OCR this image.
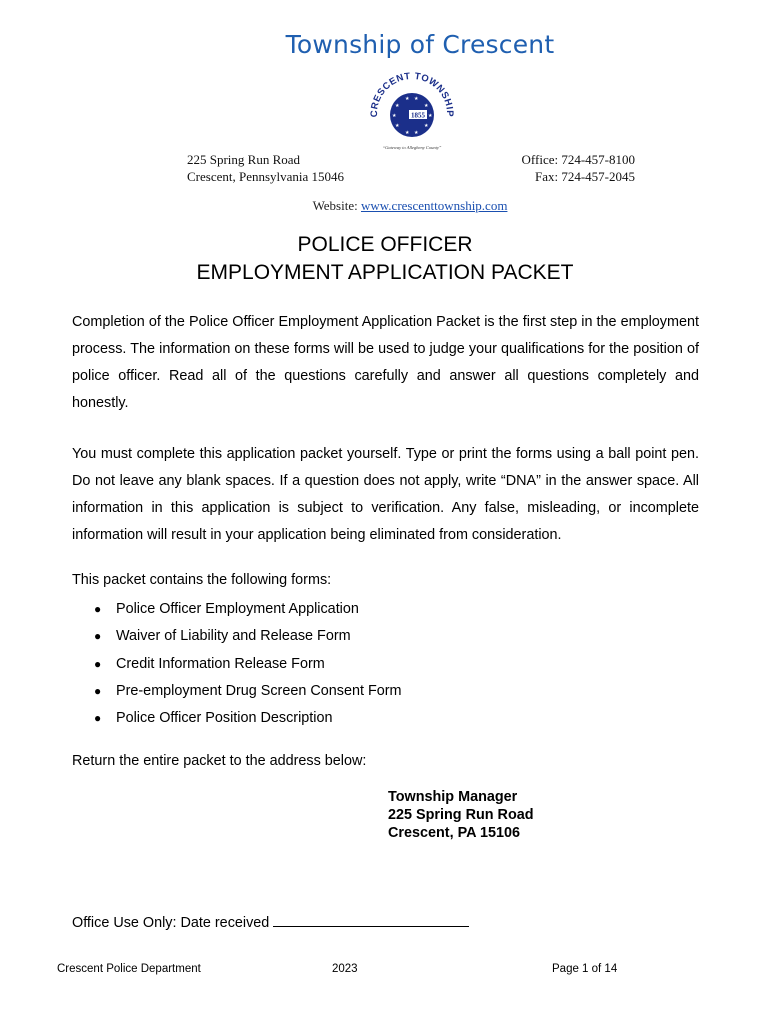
Township of Crescent
CRESCENT TOWNSHIP
★ ★
★	★
★	★
★	★
★ ★
1855
“Gateway to Allegheny County”
225 Spring Run Road
Crescent, Pennsylvania 15046
Office: 724-457-8100
Fax: 724-457-2045
Website: www.crescenttownship.com
POLICE OFFICER
EMPLOYMENT APPLICATION PACKET
Completion of the Police Officer Employment Application Packet is the first step in the employment process. The information on these forms will be used to judge your qualifications for the position of police officer. Read all of the questions carefully and answer all questions completely and honestly.
You must complete this application packet yourself. Type or print the forms using a ball point pen. Do not leave any blank spaces. If a question does not apply, write “DNA” in the answer space. All information in this application is subject to verification. Any false, misleading, or incomplete information will result in your application being eliminated from consideration.
This packet contains the following forms:
●	Police Officer Employment Application
●	Waiver of Liability and Release Form
●	Credit Information Release Form
●	Pre-employment Drug Screen Consent Form
●	Police Officer Position Description
Return the entire packet to the address below:
Township Manager
225 Spring Run Road
Crescent, PA 15106
Office Use Only: Date received
Crescent Police Department	2023	Page 1 of 14
